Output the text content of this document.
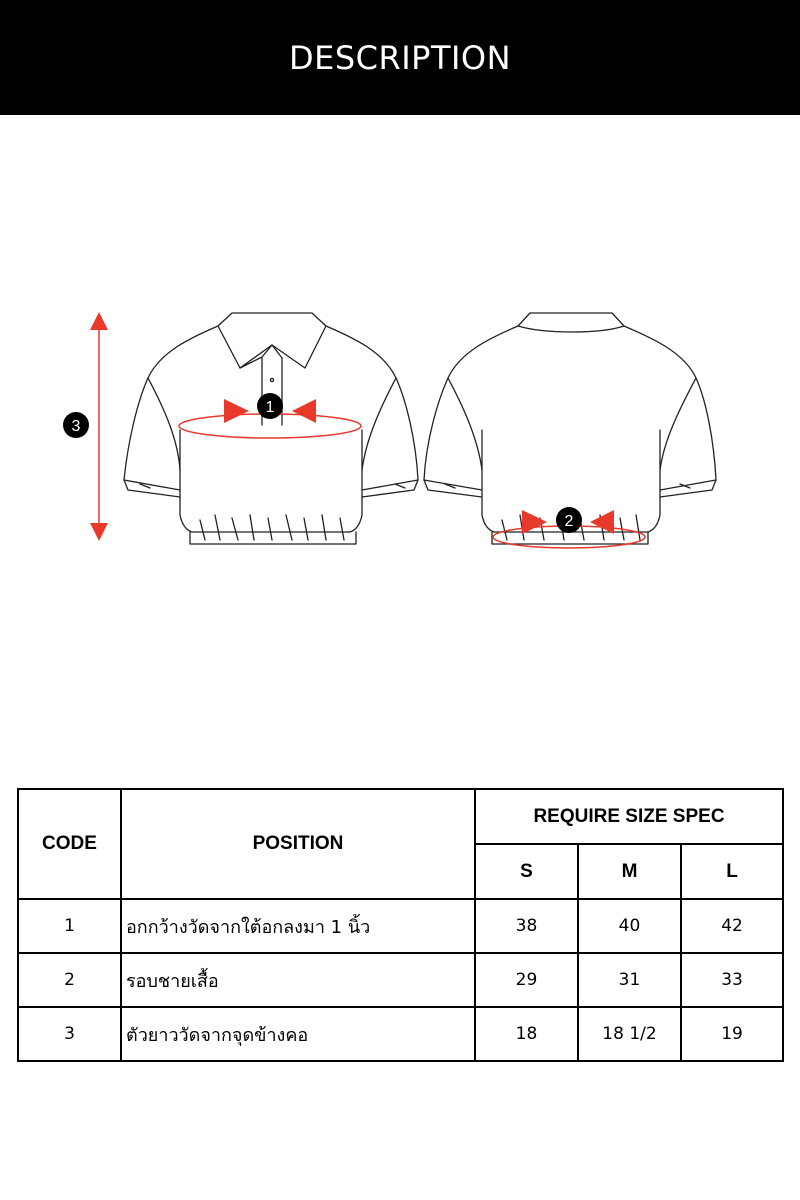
DESCRIPTION
1
2
3
CODE	POSITION	REQUIRE SIZE SPEC		
		S	M	L
1	อกกว้างวัดจากใต้อกลงมา 1 นิ้ว	38	40	42
2	รอบชายเสื้อ	29	31	33
3	ตัวยาววัดจากจุดข้างคอ	18	18 1/2	19
